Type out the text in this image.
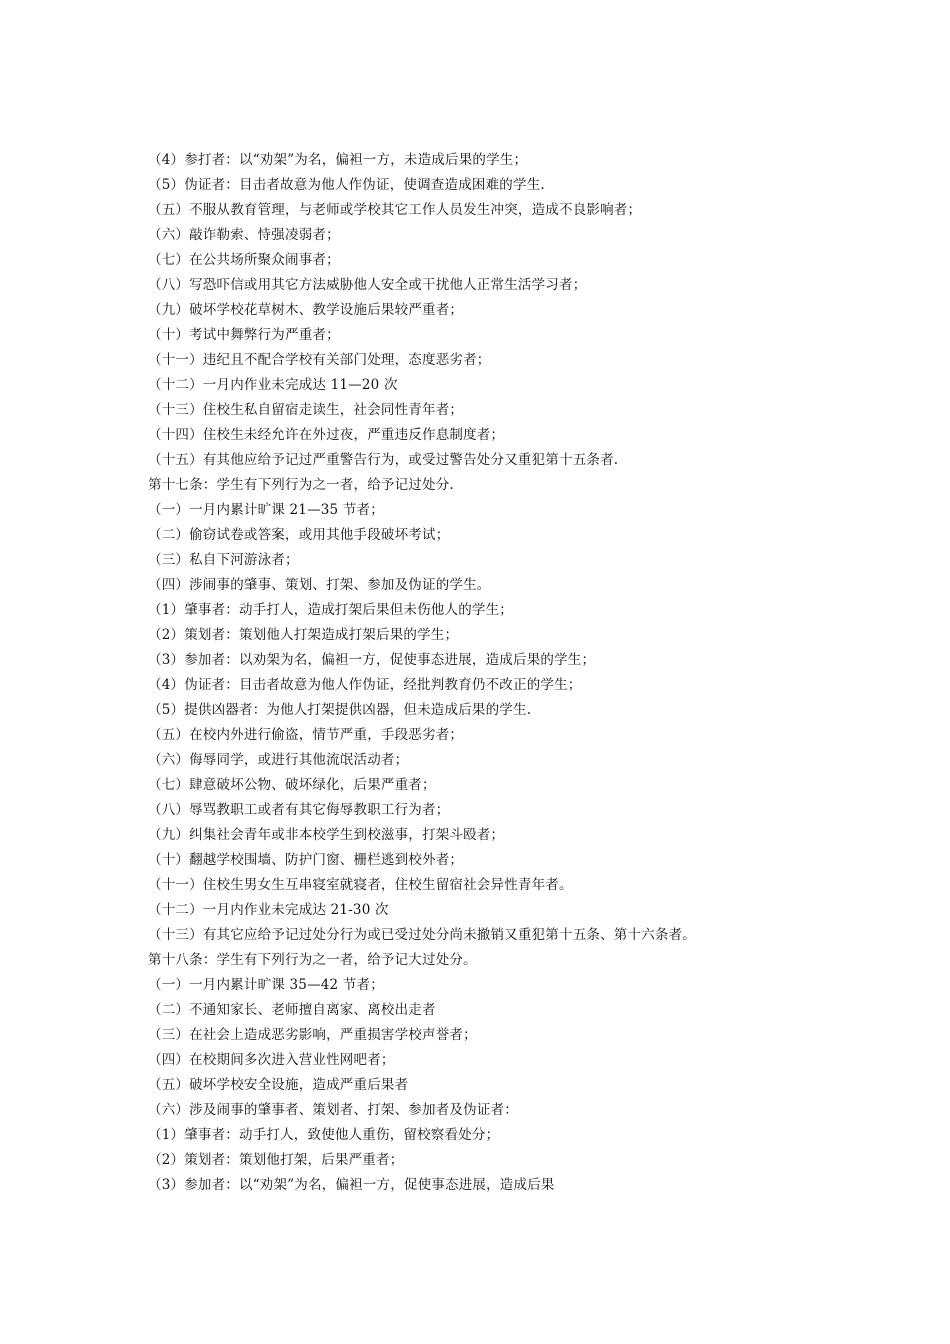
（4）参打者：以“劝架”为名，偏袒一方，未造成后果的学生；
（5）伪证者：目击者故意为他人作伪证，使调查造成困难的学生.
（五）不服从教育管理，与老师或学校其它工作人员发生冲突，造成不良影响者；
（六）敲诈勒索、恃强凌弱者；
（七）在公共场所聚众闹事者；
（八）写恐吓信或用其它方法威胁他人安全或干扰他人正常生活学习者；
（九）破坏学校花草树木、教学设施后果较严重者；
（十）考试中舞弊行为严重者；
（十一）违纪且不配合学校有关部门处理，态度恶劣者；
（十二）一月内作业未完成达 11—20 次
（十三）住校生私自留宿走读生，社会同性青年者；
（十四）住校生未经允许在外过夜，严重违反作息制度者；
（十五）有其他应给予记过严重警告行为，或受过警告处分又重犯第十五条者.
第十七条：学生有下列行为之一者，给予记过处分.
（一）一月内累计旷课 21—35 节者；
（二）偷窃试卷或答案，或用其他手段破坏考试；
（三）私自下河游泳者；
（四）涉闹事的肇事、策划、打架、参加及伪证的学生。
（1）肇事者：动手打人，造成打架后果但未伤他人的学生；
（2）策划者：策划他人打架造成打架后果的学生；
（3）参加者：以劝架为名，偏袒一方，促使事态进展，造成后果的学生；
（4）伪证者：目击者故意为他人作伪证，经批判教育仍不改正的学生；
（5）提供凶器者：为他人打架提供凶器，但未造成后果的学生.
（五）在校内外进行偷盗，情节严重，手段恶劣者；
（六）侮辱同学，或进行其他流氓活动者；
（七）肆意破坏公物、破坏绿化，后果严重者；
（八）辱骂教职工或者有其它侮辱教职工行为者；
（九）纠集社会青年或非本校学生到校滋事，打架斗殴者；
（十）翻越学校围墙、防护门窗、栅栏逃到校外者；
（十一）住校生男女生互串寝室就寝者，住校生留宿社会异性青年者。
（十二）一月内作业未完成达 21-30 次
（十三）有其它应给予记过处分行为或已受过处分尚未撤销又重犯第十五条、第十六条者。
第十八条：学生有下列行为之一者，给予记大过处分。
（一）一月内累计旷课 35—42 节者；
（二）不通知家长、老师擅自离家、离校出走者
（三）在社会上造成恶劣影响，严重损害学校声誉者；
（四）在校期间多次进入营业性网吧者；
（五）破坏学校安全设施，造成严重后果者
（六）涉及闹事的肇事者、策划者、打架、参加者及伪证者：
（1）肇事者：动手打人，致使他人重伤，留校察看处分；
（2）策划者：策划他打架，后果严重者；
（3）参加者：以“劝架”为名，偏袒一方，促使事态进展，造成后果
